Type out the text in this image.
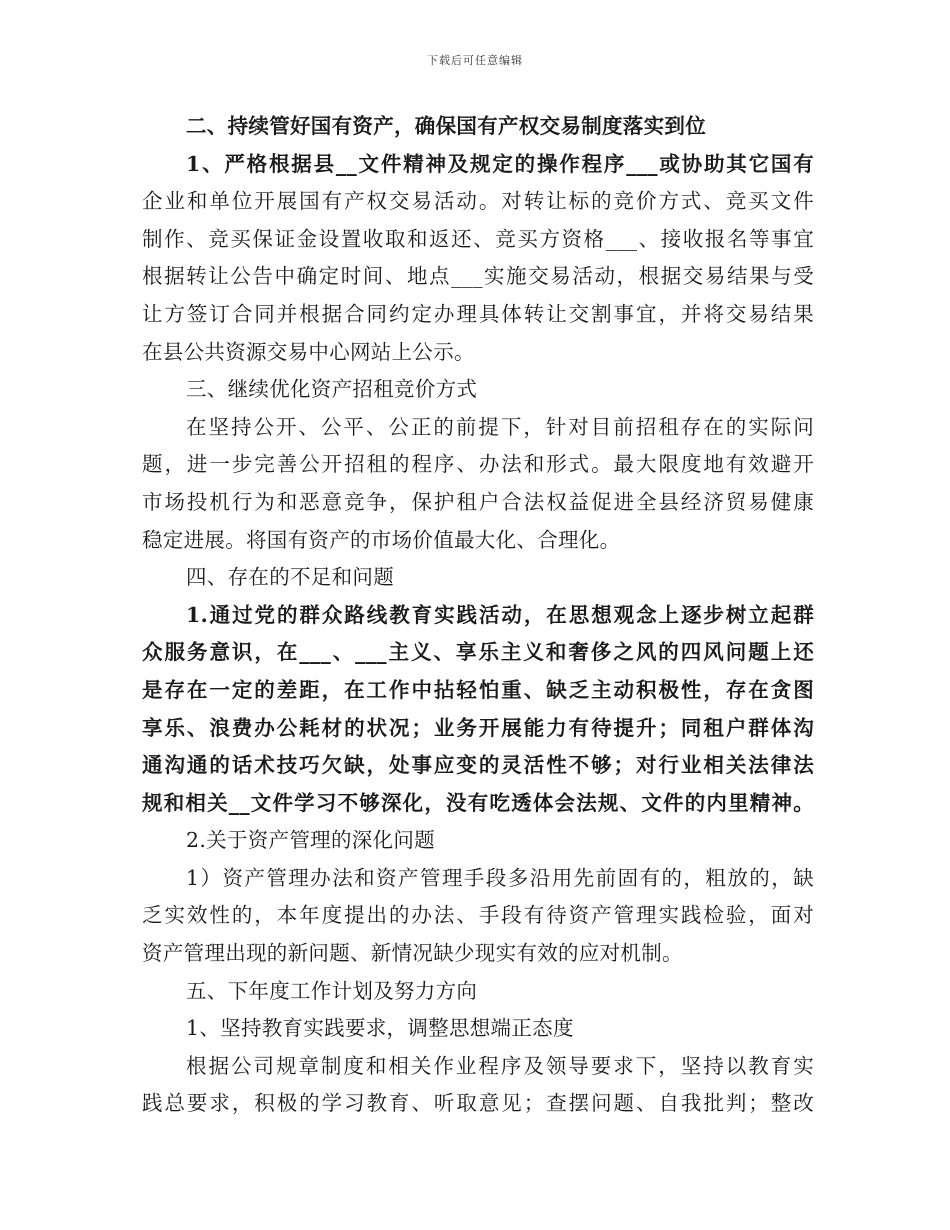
下载后可任意编辑
二、持续管好国有资产，确保国有产权交易制度落实到位
1、严格根据县__文件精神及规定的操作程序___或协助其它国有
企业和单位开展国有产权交易活动。对转让标的竞价方式、竞买文件
制作、竞买保证金设置收取和返还、竞买方资格___、接收报名等事宜
根据转让公告中确定时间、地点___实施交易活动，根据交易结果与受
让方签订合同并根据合同约定办理具体转让交割事宜，并将交易结果
在县公共资源交易中心网站上公示。
三、继续优化资产招租竞价方式
在坚持公开、公平、公正的前提下，针对目前招租存在的实际问
题，进一步完善公开招租的程序、办法和形式。最大限度地有效避开
市场投机行为和恶意竞争，保护租户合法权益促进全县经济贸易健康
稳定进展。将国有资产的市场价值最大化、合理化。
四、存在的不足和问题
1.通过党的群众路线教育实践活动，在思想观念上逐步树立起群
众服务意识，在___、___主义、享乐主义和奢侈之风的四风问题上还
是存在一定的差距，在工作中拈轻怕重、缺乏主动积极性，存在贪图
享乐、浪费办公耗材的状况；业务开展能力有待提升；同租户群体沟
通沟通的话术技巧欠缺，处事应变的灵活性不够；对行业相关法律法
规和相关__文件学习不够深化，没有吃透体会法规、文件的内里精神。
2.关于资产管理的深化问题
1）资产管理办法和资产管理手段多沿用先前固有的，粗放的，缺
乏实效性的，本年度提出的办法、手段有待资产管理实践检验，面对
资产管理出现的新问题、新情况缺少现实有效的应对机制。
五、下年度工作计划及努力方向
1、坚持教育实践要求，调整思想端正态度
根据公司规章制度和相关作业程序及领导要求下，坚持以教育实
践总要求，积极的学习教育、听取意见；查摆问题、自我批判；整改
